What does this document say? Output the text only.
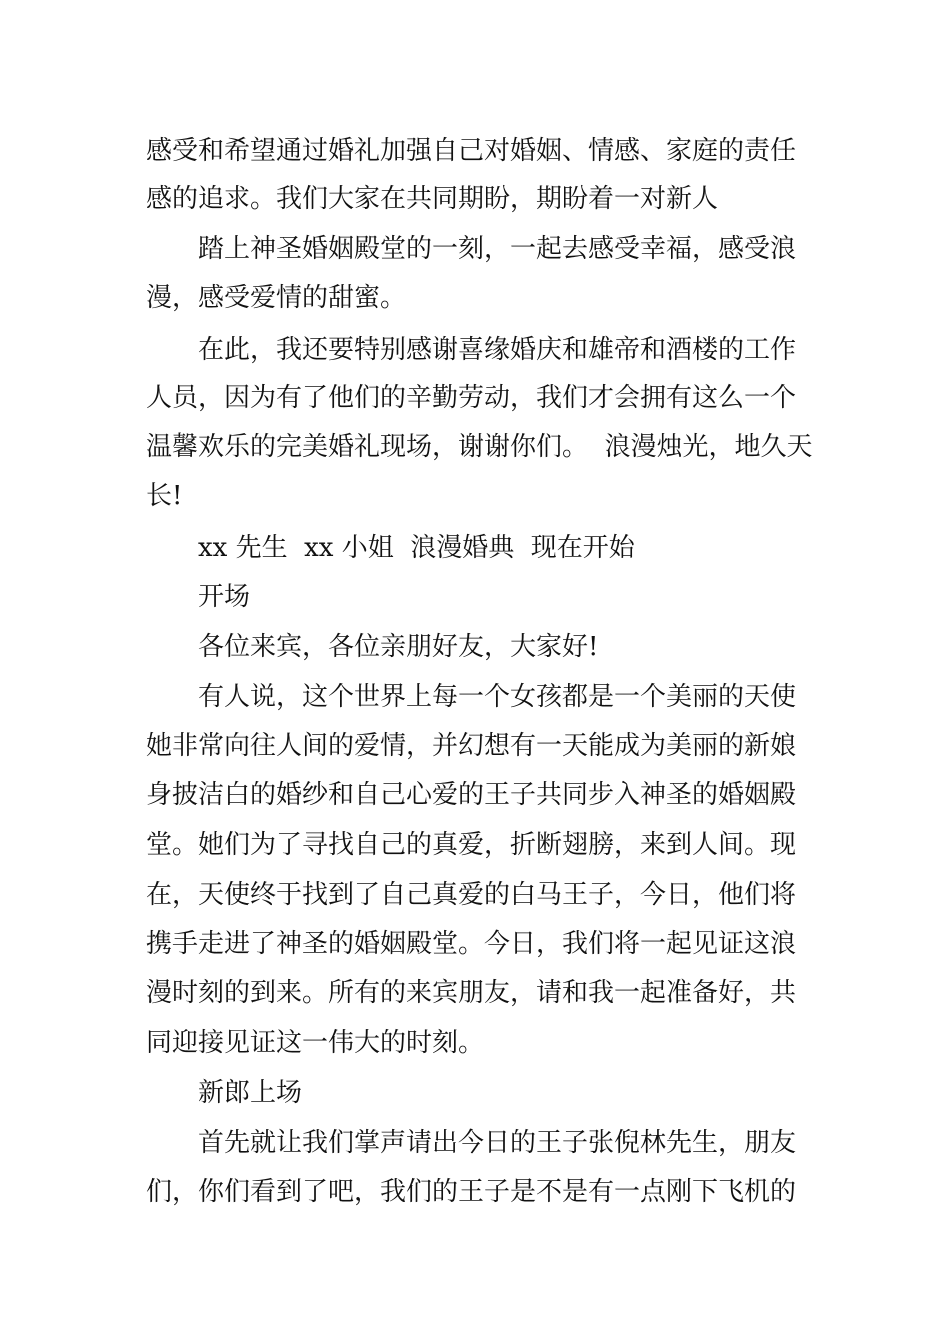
感受和希望通过婚礼加强自己对婚姻、情感、家庭的责任
感的追求。我们大家在共同期盼，期盼着一对新人
踏上神圣婚姻殿堂的一刻，一起去感受幸福，感受浪
漫，感受爱情的甜蜜。
在此，我还要特别感谢喜缘婚庆和雄帝和酒楼的工作
人员，因为有了他们的辛勤劳动，我们才会拥有这么一个
温馨欢乐的完美婚礼现场，谢谢你们。  浪漫烛光，地久天
长!
xx 先生  xx 小姐  浪漫婚典  现在开始
开场
各位来宾，各位亲朋好友，大家好!
有人说，这个世界上每一个女孩都是一个美丽的天使
她非常向往人间的爱情，并幻想有一天能成为美丽的新娘
身披洁白的婚纱和自己心爱的王子共同步入神圣的婚姻殿
堂。她们为了寻找自己的真爱，折断翅膀，来到人间。现
在，天使终于找到了自己真爱的白马王子，今日，他们将
携手走进了神圣的婚姻殿堂。今日，我们将一起见证这浪
漫时刻的到来。所有的来宾朋友，请和我一起准备好，共
同迎接见证这一伟大的时刻。
新郎上场
首先就让我们掌声请出今日的王子张倪林先生，朋友
们，你们看到了吧，我们的王子是不是有一点刚下飞机的
